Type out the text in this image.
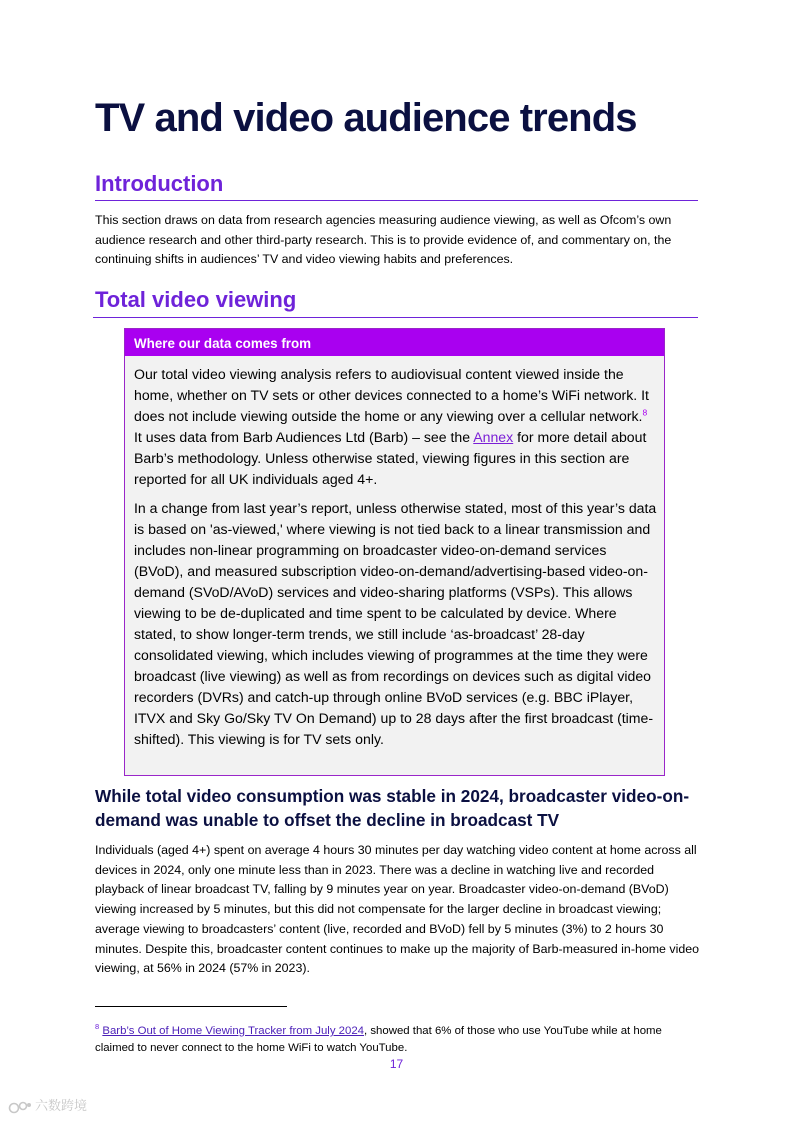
TV and video audience trends
Introduction

This section draws on data from research agencies measuring audience viewing, as well as Ofcom’s own audience research and other third-party research. This is to provide evidence of, and commentary on, the continuing shifts in audiences’ TV and video viewing habits and preferences.

Total video viewing
Where our data comes from

Our total video viewing analysis refers to audiovisual content viewed inside the home, whether on TV sets or other devices connected to a home’s WiFi network. It does not include viewing outside the home or any viewing over a cellular network.$^8$ It uses data from Barb Audiences Ltd (Barb) – see the Annex for more detail about Barb’s methodology. Unless otherwise stated, viewing figures in this section are reported for all UK individuals aged 4+.

In a change from last year’s report, unless otherwise stated, most of this year’s data is based on 'as-viewed,' where viewing is not tied back to a linear transmission and includes non-linear programming on broadcaster video-on-demand services (BVoD), and measured subscription video-on-demand/advertising-based video-on-demand (SVoD/AVoD) services and video-sharing platforms (VSPs). This allows viewing to be de-duplicated and time spent to be calculated by device. Where stated, to show longer-term trends, we still include ‘as-broadcast’ 28-day consolidated viewing, which includes viewing of programmes at the time they were broadcast (live viewing) as well as from recordings on devices such as digital video recorders (DVRs) and catch-up through online BVoD services (e.g. BBC iPlayer, ITVX and Sky Go/Sky TV On Demand) up to 28 days after the first broadcast (time-shifted). This viewing is for TV sets only.

While total video consumption was stable in 2024, broadcaster video-on-demand was unable to offset the decline in broadcast TV

Individuals (aged 4+) spent on average 4 hours 30 minutes per day watching video content at home across all devices in 2024, only one minute less than in 2023. There was a decline in watching live and recorded playback of linear broadcast TV, falling by 9 minutes year on year. Broadcaster video-on-demand (BVoD) viewing increased by 5 minutes, but this did not compensate for the larger decline in broadcast viewing; average viewing to broadcasters’ content (live, recorded and BVoD) fell by 5 minutes (3%) to 2 hours 30 minutes. Despite this, broadcaster content continues to make up the majority of Barb-measured in-home video viewing, at 56% in 2024 (57% in 2023).

$^8$ Barb’s Out of Home Viewing Tracker from July 2024, showed that 6% of those who use YouTube while at home claimed to never connect to the home WiFi to watch YouTube.

17
六数跨境
